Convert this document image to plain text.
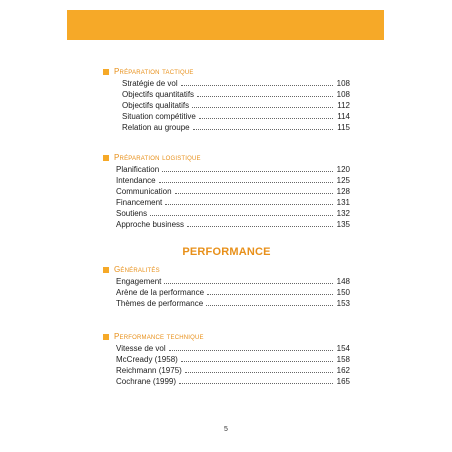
Préparation tactique
Stratégie de vol	108
Objectifs quantitatifs	108
Objectifs qualitatifs	112
Situation compétitive	114
Relation au groupe	115
Préparation logistique
Planification	120
Intendance	125
Communication	128
Financement	131
Soutiens	132
Approche business	135
PERFORMANCE
Généralités
Engagement	148
Arène de la performance	150
Thèmes de performance	153
Performance technique
Vitesse de vol	154
McCready (1958)	158
Reichmann (1975)	162
Cochrane (1999)	165
5
